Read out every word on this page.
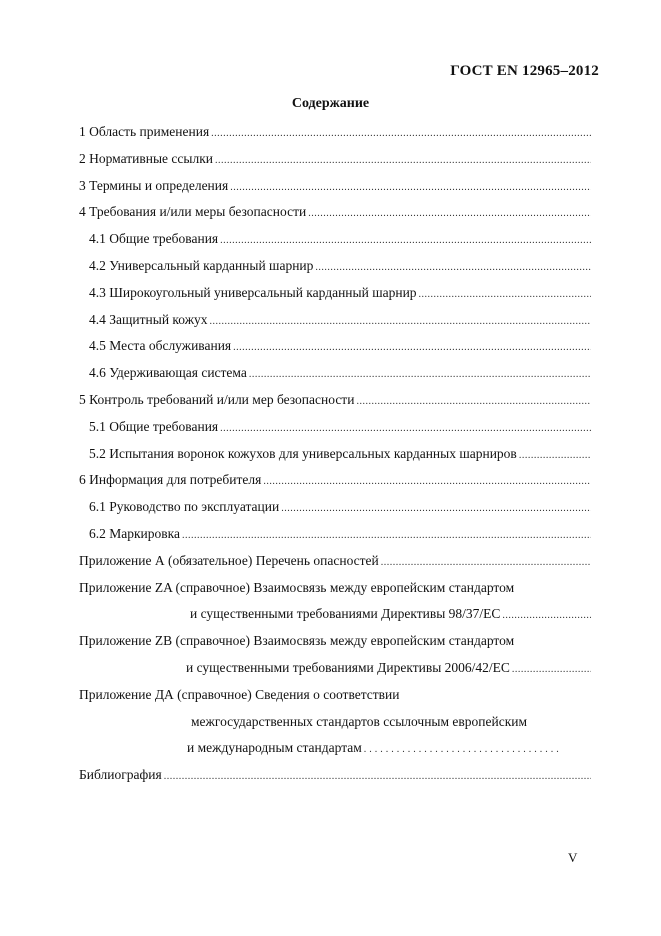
ГОСТ EN 12965–2012
Содержание
1 Область применения
.....
2 Нормативные ссылки
.....
3 Термины и определения
.....
4 Требования и/или меры безопасности
.....
4.1 Общие требования
.....
4.2 Универсальный карданный шарнир
.....
4.3 Широкоугольный универсальный карданный шарнир
.....
4.4 Защитный кожух
.....
4.5 Места обслуживания
.....
4.6 Удерживающая система
.....
5 Контроль требований и/или мер безопасности
.....
5.1 Общие требования
.....
5.2 Испытания воронок кожухов для универсальных карданных шарниров
.....
6 Информация для потребителя
.....
6.1 Руководство по эксплуатации
.....
6.2 Маркировка
.....
Приложение А (обязательное) Перечень опасностей
.....
Приложение ZA (справочное) Взаимосвязь между европейским стандартом
и существенными требованиями Директивы 98/37/EC
.....
Приложение ZB (справочное) Взаимосвязь между европейским стандартом
и существенными требованиями Директивы 2006/42/EC
.....
Приложение ДА (справочное) Сведения о соответствии
межгосударственных стандартов ссылочным европейским
и международным стандартам
.....
Библиография
.....
V
